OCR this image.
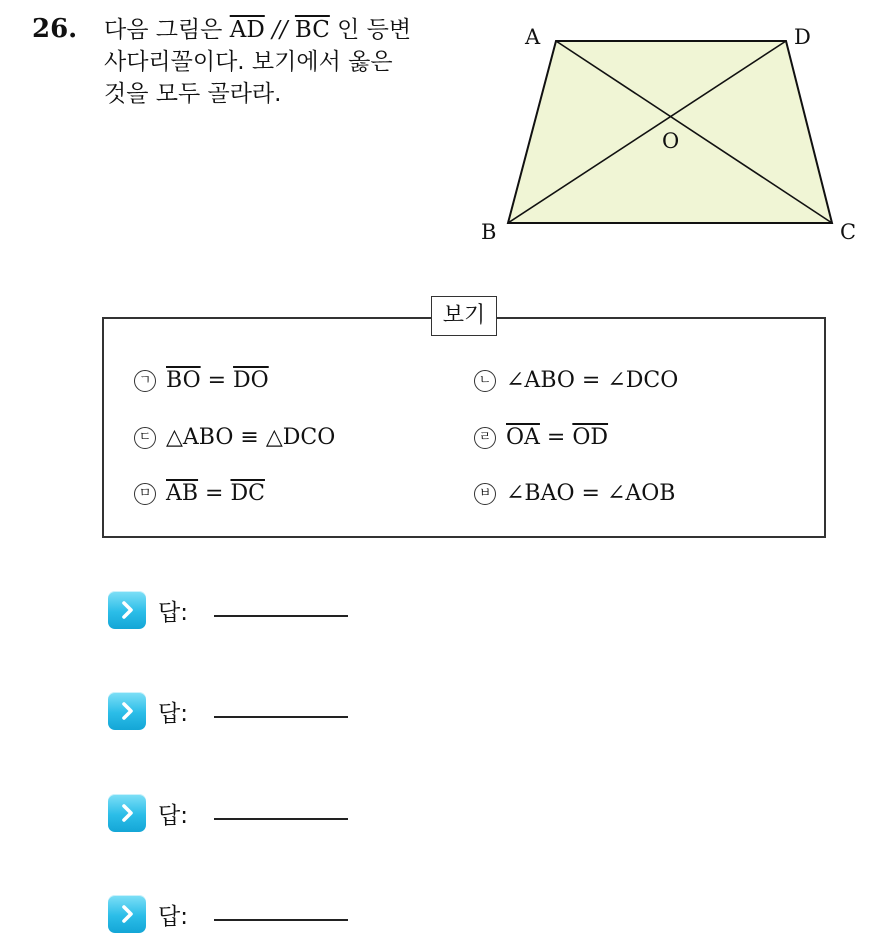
26. 다음 그림은 $\overline{AD} // \overline{BC}$ 인 등변
사다리꼴이다. 보기에서 옳은
것을 모두 골라라.
A	D
O
B	C
보기
ㄱ $\overline{BO} = \overline{DO}$	ㄴ ∠ABO = ∠DCO
ㄷ △ABO ≡ △DCO	ㄹ $\overline{OA} = \overline{OD}$
ㅁ $\overline{AB} = \overline{DC}$	ㅂ ∠BAO = ∠AOB
답:
답:
답:
답:
